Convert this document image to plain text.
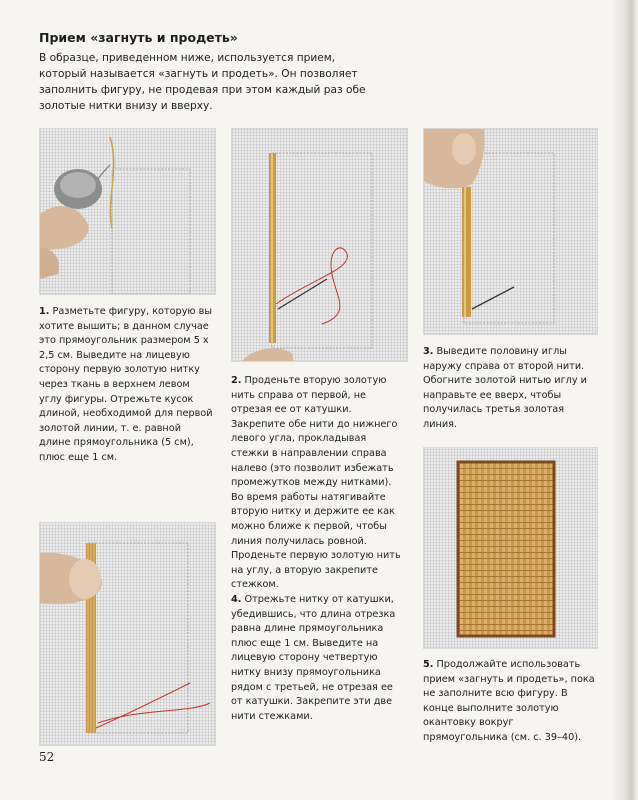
Прием «загнуть и продеть»
В образце, приведенном ниже, используется прием, который называется «загнуть и продеть». Он позволяет заполнить фигуру, не продевая при этом каждый раз обе золотые нитки внизу и вверху.
1. Разметьте фигуру, которую вы хотите вышить; в данном случае это прямоугольник размером 5 х 2,5 см. Выведите на лицевую сторону первую золотую нитку через ткань в верхнем левом углу фигуры. Отрежьте кусок длиной, необходимой для первой золотой линии, т. е. равной длине прямоугольника (5 см), плюс еще 1 см.
2. Проденьте вторую золотую нить справа от первой, не отрезая ее от катушки. Закрепите обе нити до нижнего левого угла, прокладывая стежки в направлении справа налево (это позволит избежать промежутков между нитками). Во время работы натягивайте вторую нитку и держите ее как можно ближе к первой, чтобы линия получилась ровной. Проденьте первую золотую нить на углу, а вторую закрепите стежком.
3. Выведите половину иглы наружу справа от второй нити. Обогните золотой нитью иглу и направьте ее вверх, чтобы получилась третья золотая линия.
4. Отрежьте нитку от катушки, убедившись, что длина отрезка равна длине прямоугольника плюс еще 1 см. Выведите на лицевую сторону четвертую нитку внизу прямоугольника рядом с третьей, не отрезая ее от катушки. Закрепите эти две нити стежками.
5. Продолжайте использовать прием «загнуть и продеть», пока не заполните всю фигуру. В конце выполните золотую окантовку вокруг прямоугольника (см. с. 39–40).
52
